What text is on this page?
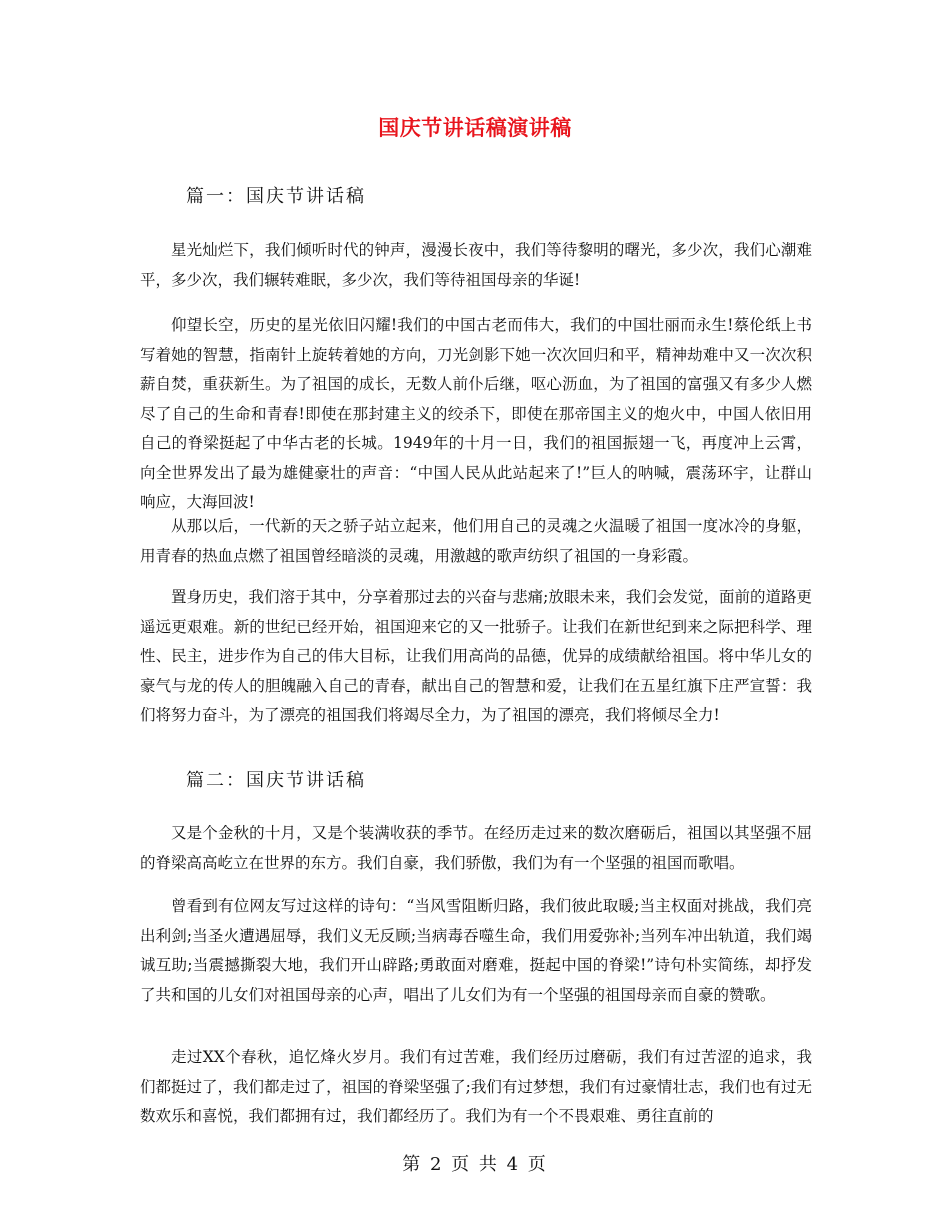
国庆节讲话稿演讲稿
篇一：国庆节讲话稿

星光灿烂下，我们倾听时代的钟声，漫漫长夜中，我们等待黎明的曙光，多少次，我们心潮难平，多少次，我们辗转难眠，多少次，我们等待祖国母亲的华诞!

仰望长空，历史的星光依旧闪耀!我们的中国古老而伟大，我们的中国壮丽而永生!蔡伦纸上书写着她的智慧，指南针上旋转着她的方向，刀光剑影下她一次次回归和平，精神劫难中又一次次积薪自焚，重获新生。为了祖国的成长，无数人前仆后继，呕心沥血，为了祖国的富强又有多少人燃尽了自己的生命和青春!即使在那封建主义的绞杀下，即使在那帝国主义的炮火中，中国人依旧用自己的脊梁挺起了中华古老的长城。1949年的十月一日，我们的祖国振翅一飞，再度冲上云霄，向全世界发出了最为雄健豪壮的声音：“中国人民从此站起来了!”巨人的呐喊，震荡环宇，让群山响应，大海回波!

从那以后，一代新的天之骄子站立起来，他们用自己的灵魂之火温暖了祖国一度冰冷的身躯，用青春的热血点燃了祖国曾经暗淡的灵魂，用激越的歌声纺织了祖国的一身彩霞。

置身历史，我们溶于其中，分享着那过去的兴奋与悲痛;放眼未来，我们会发觉，面前的道路更遥远更艰难。新的世纪已经开始，祖国迎来它的又一批骄子。让我们在新世纪到来之际把科学、理性、民主，进步作为自己的伟大目标，让我们用高尚的品德，优异的成绩献给祖国。将中华儿女的豪气与龙的传人的胆魄融入自己的青春，献出自己的智慧和爱，让我们在五星红旗下庄严宣誓：我们将努力奋斗，为了漂亮的祖国我们将竭尽全力，为了祖国的漂亮，我们将倾尽全力!

篇二：国庆节讲话稿

又是个金秋的十月，又是个装满收获的季节。在经历走过来的数次磨砺后，祖国以其坚强不屈的脊梁高高屹立在世界的东方。我们自豪，我们骄傲，我们为有一个坚强的祖国而歌唱。

曾看到有位网友写过这样的诗句：“当风雪阻断归路，我们彼此取暖;当主权面对挑战，我们亮出利剑;当圣火遭遇屈辱，我们义无反顾;当病毒吞噬生命，我们用爱弥补;当列车冲出轨道，我们竭诚互助;当震撼撕裂大地，我们开山辟路;勇敢面对磨难，挺起中国的脊梁!”诗句朴实简练，却抒发了共和国的儿女们对祖国母亲的心声，唱出了儿女们为有一个坚强的祖国母亲而自豪的赞歌。

走过XX个春秋，追忆烽火岁月。我们有过苦难，我们经历过磨砺，我们有过苦涩的追求，我们都挺过了，我们都走过了，祖国的脊梁坚强了;我们有过梦想，我们有过豪情壮志，我们也有过无数欢乐和喜悦，我们都拥有过，我们都经历了。我们为有一个不畏艰难、勇往直前的

第 2 页 共 4 页
